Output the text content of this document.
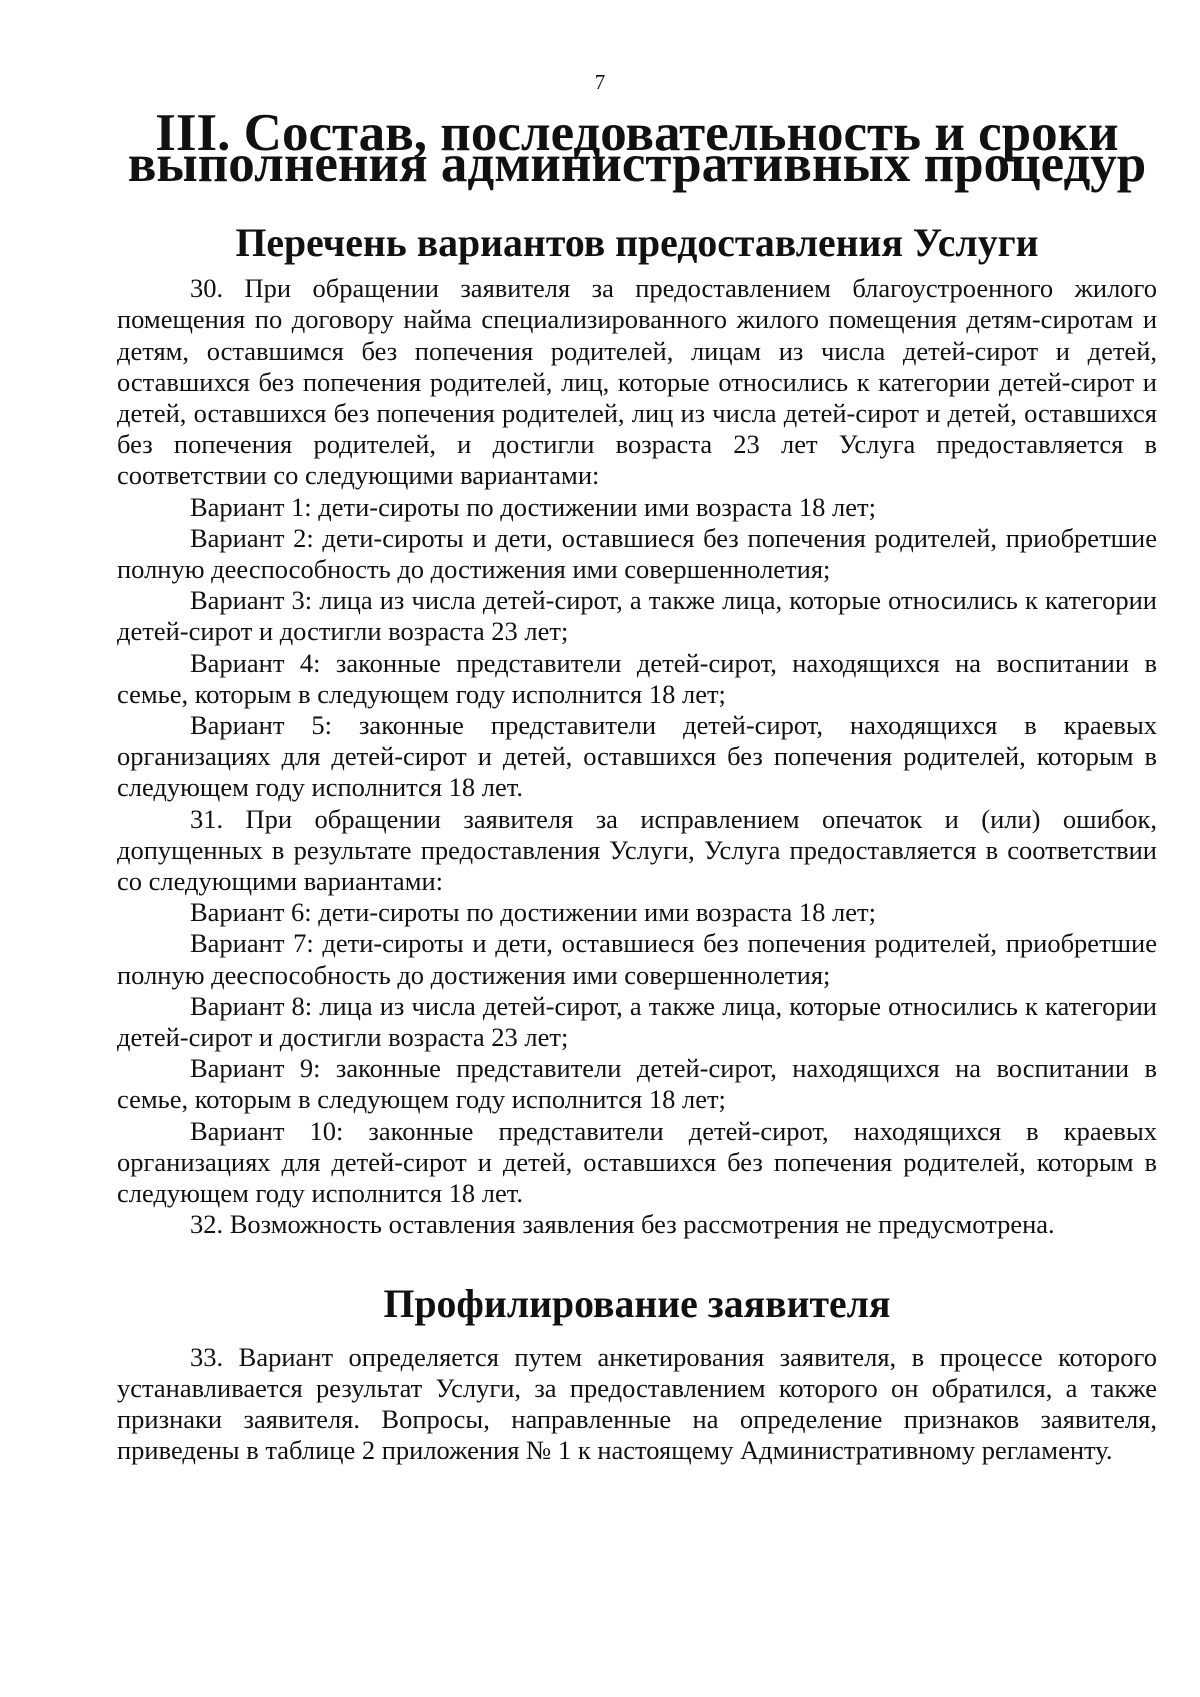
7
III. Состав, последовательность и сроки выполнения административных процедур
Перечень вариантов предоставления Услуги

30. При обращении заявителя за предоставлением благоустроенного жилого помещения по договору найма специализированного жилого помещения детям-сиротам и детям, оставшимся без попечения родителей, лицам из числа детей-сирот и детей, оставшихся без попечения родителей, лиц, которые относились к категории детей-сирот и детей, оставшихся без попечения родителей, лиц из числа детей-сирот и детей, оставшихся без попечения родителей, и достигли возраста 23 лет Услуга предоставляется в соответствии со следующими вариантами:

Вариант 1: дети-сироты по достижении ими возраста 18 лет;

Вариант 2: дети-сироты и дети, оставшиеся без попечения родителей, приобретшие полную дееспособность до достижения ими совершеннолетия;

Вариант 3: лица из числа детей-сирот, а также лица, которые относились к категории детей-сирот и достигли возраста 23 лет;

Вариант 4: законные представители детей-сирот, находящихся на воспитании в семье, которым в следующем году исполнится 18 лет;

Вариант 5: законные представители детей-сирот, находящихся в краевых организациях для детей-сирот и детей, оставшихся без попечения родителей, которым в следующем году исполнится 18 лет.

31. При обращении заявителя за исправлением опечаток и (или) ошибок, допущенных в результате предоставления Услуги, Услуга предоставляется в соответствии со следующими вариантами:

Вариант 6: дети-сироты по достижении ими возраста 18 лет;

Вариант 7: дети-сироты и дети, оставшиеся без попечения родителей, приобретшие полную дееспособность до достижения ими совершеннолетия;

Вариант 8: лица из числа детей-сирот, а также лица, которые относились к категории детей-сирот и достигли возраста 23 лет;

Вариант 9: законные представители детей-сирот, находящихся на воспитании в семье, которым в следующем году исполнится 18 лет;

Вариант 10: законные представители детей-сирот, находящихся в краевых организациях для детей-сирот и детей, оставшихся без попечения родителей, которым в следующем году исполнится 18 лет.

32. Возможность оставления заявления без рассмотрения не предусмотрена.

Профилирование заявителя

33. Вариант определяется путем анкетирования заявителя, в процессе которого устанавливается результат Услуги, за предоставлением которого он обратился, а также признаки заявителя. Вопросы, направленные на определение признаков заявителя, приведены в таблице 2 приложения № 1 к настоящему Административному регламенту.
